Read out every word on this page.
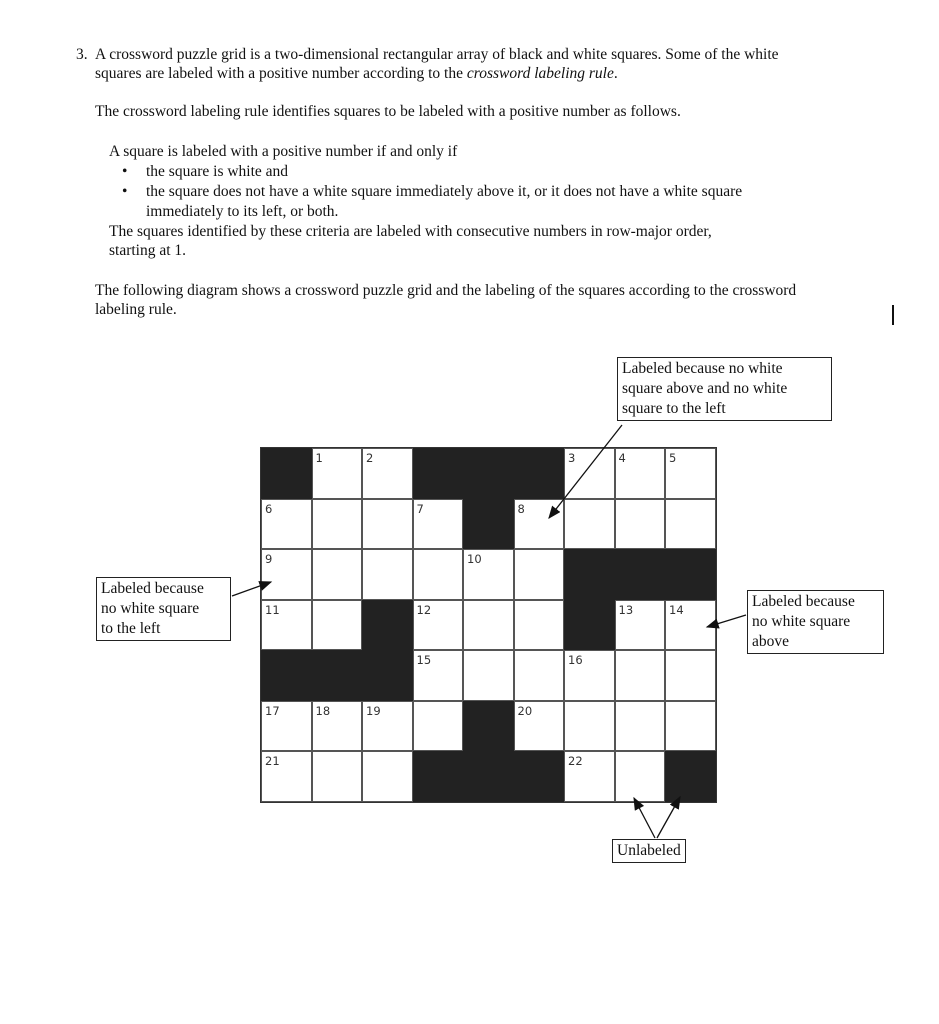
3. A crossword puzzle grid is a two-dimensional rectangular array of black and white squares. Some of the white
squares are labeled with a positive number according to the crossword labeling rule.
The crossword labeling rule identifies squares to be labeled with a positive number as follows.
A square is labeled with a positive number if and only if
• the square is white and
• the square does not have a white square immediately above it, or it does not have a white square
immediately to its left, or both.
The squares identified by these criteria are labeled with consecutive numbers in row-major order,
starting at 1.
The following diagram shows a crossword puzzle grid and the labeling of the squares according to the crossword
labeling rule.
1	2	3	4	5
6	7	8
9	10
11	12	13	14
15	16
17	18	19	20
21	22
Labeled because no white
square above and no white
square to the left
Labeled because
no white square
to the left
Labeled because
no white square
above
Unlabeled
